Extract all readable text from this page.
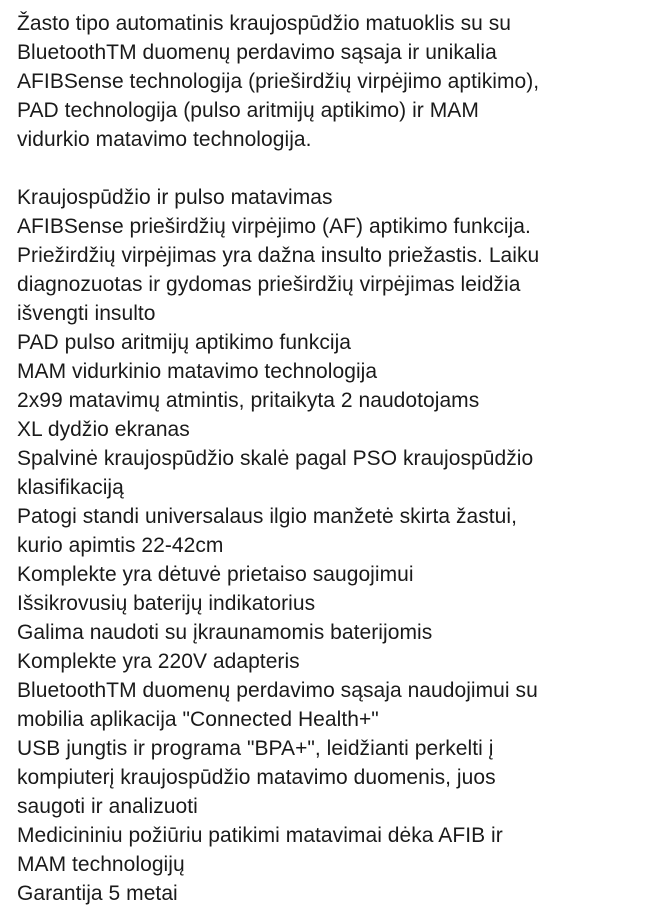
Žasto tipo automatinis kraujospūdžio matuoklis su su

BluetoothTM duomenų perdavimo sąsaja ir unikalia

AFIBSense technologija (prieširdžių virpėjimo aptikimo),

PAD technologija (pulso aritmijų aptikimo) ir MAM

vidurkio matavimo technologija.

Kraujospūdžio ir pulso matavimas

AFIBSense prieširdžių virpėjimo (AF) aptikimo funkcija.

Priežirdžių virpėjimas yra dažna insulto priežastis. Laiku

diagnozuotas ir gydomas prieširdžių virpėjimas leidžia

išvengti insulto

PAD pulso aritmijų aptikimo funkcija

MAM vidurkinio matavimo technologija

2x99 matavimų atmintis, pritaikyta 2 naudotojams

XL dydžio ekranas

Spalvinė kraujospūdžio skalė pagal PSO kraujospūdžio

klasifikaciją

Patogi standi universalaus ilgio manžetė skirta žastui,

kurio apimtis 22-42cm

Komplekte yra dėtuvė prietaiso saugojimui

Išsikrovusių baterijų indikatorius

Galima naudoti su įkraunamomis baterijomis

Komplekte yra 220V adapteris

BluetoothTM duomenų perdavimo sąsaja naudojimui su

mobilia aplikacija "Connected Health+"

USB jungtis ir programa "BPA+", leidžianti perkelti į

kompiuterį kraujospūdžio matavimo duomenis, juos

saugoti ir analizuoti

Medicininiu požiūriu patikimi matavimai dėka AFIB ir

MAM technologijų

Garantija 5 metai
